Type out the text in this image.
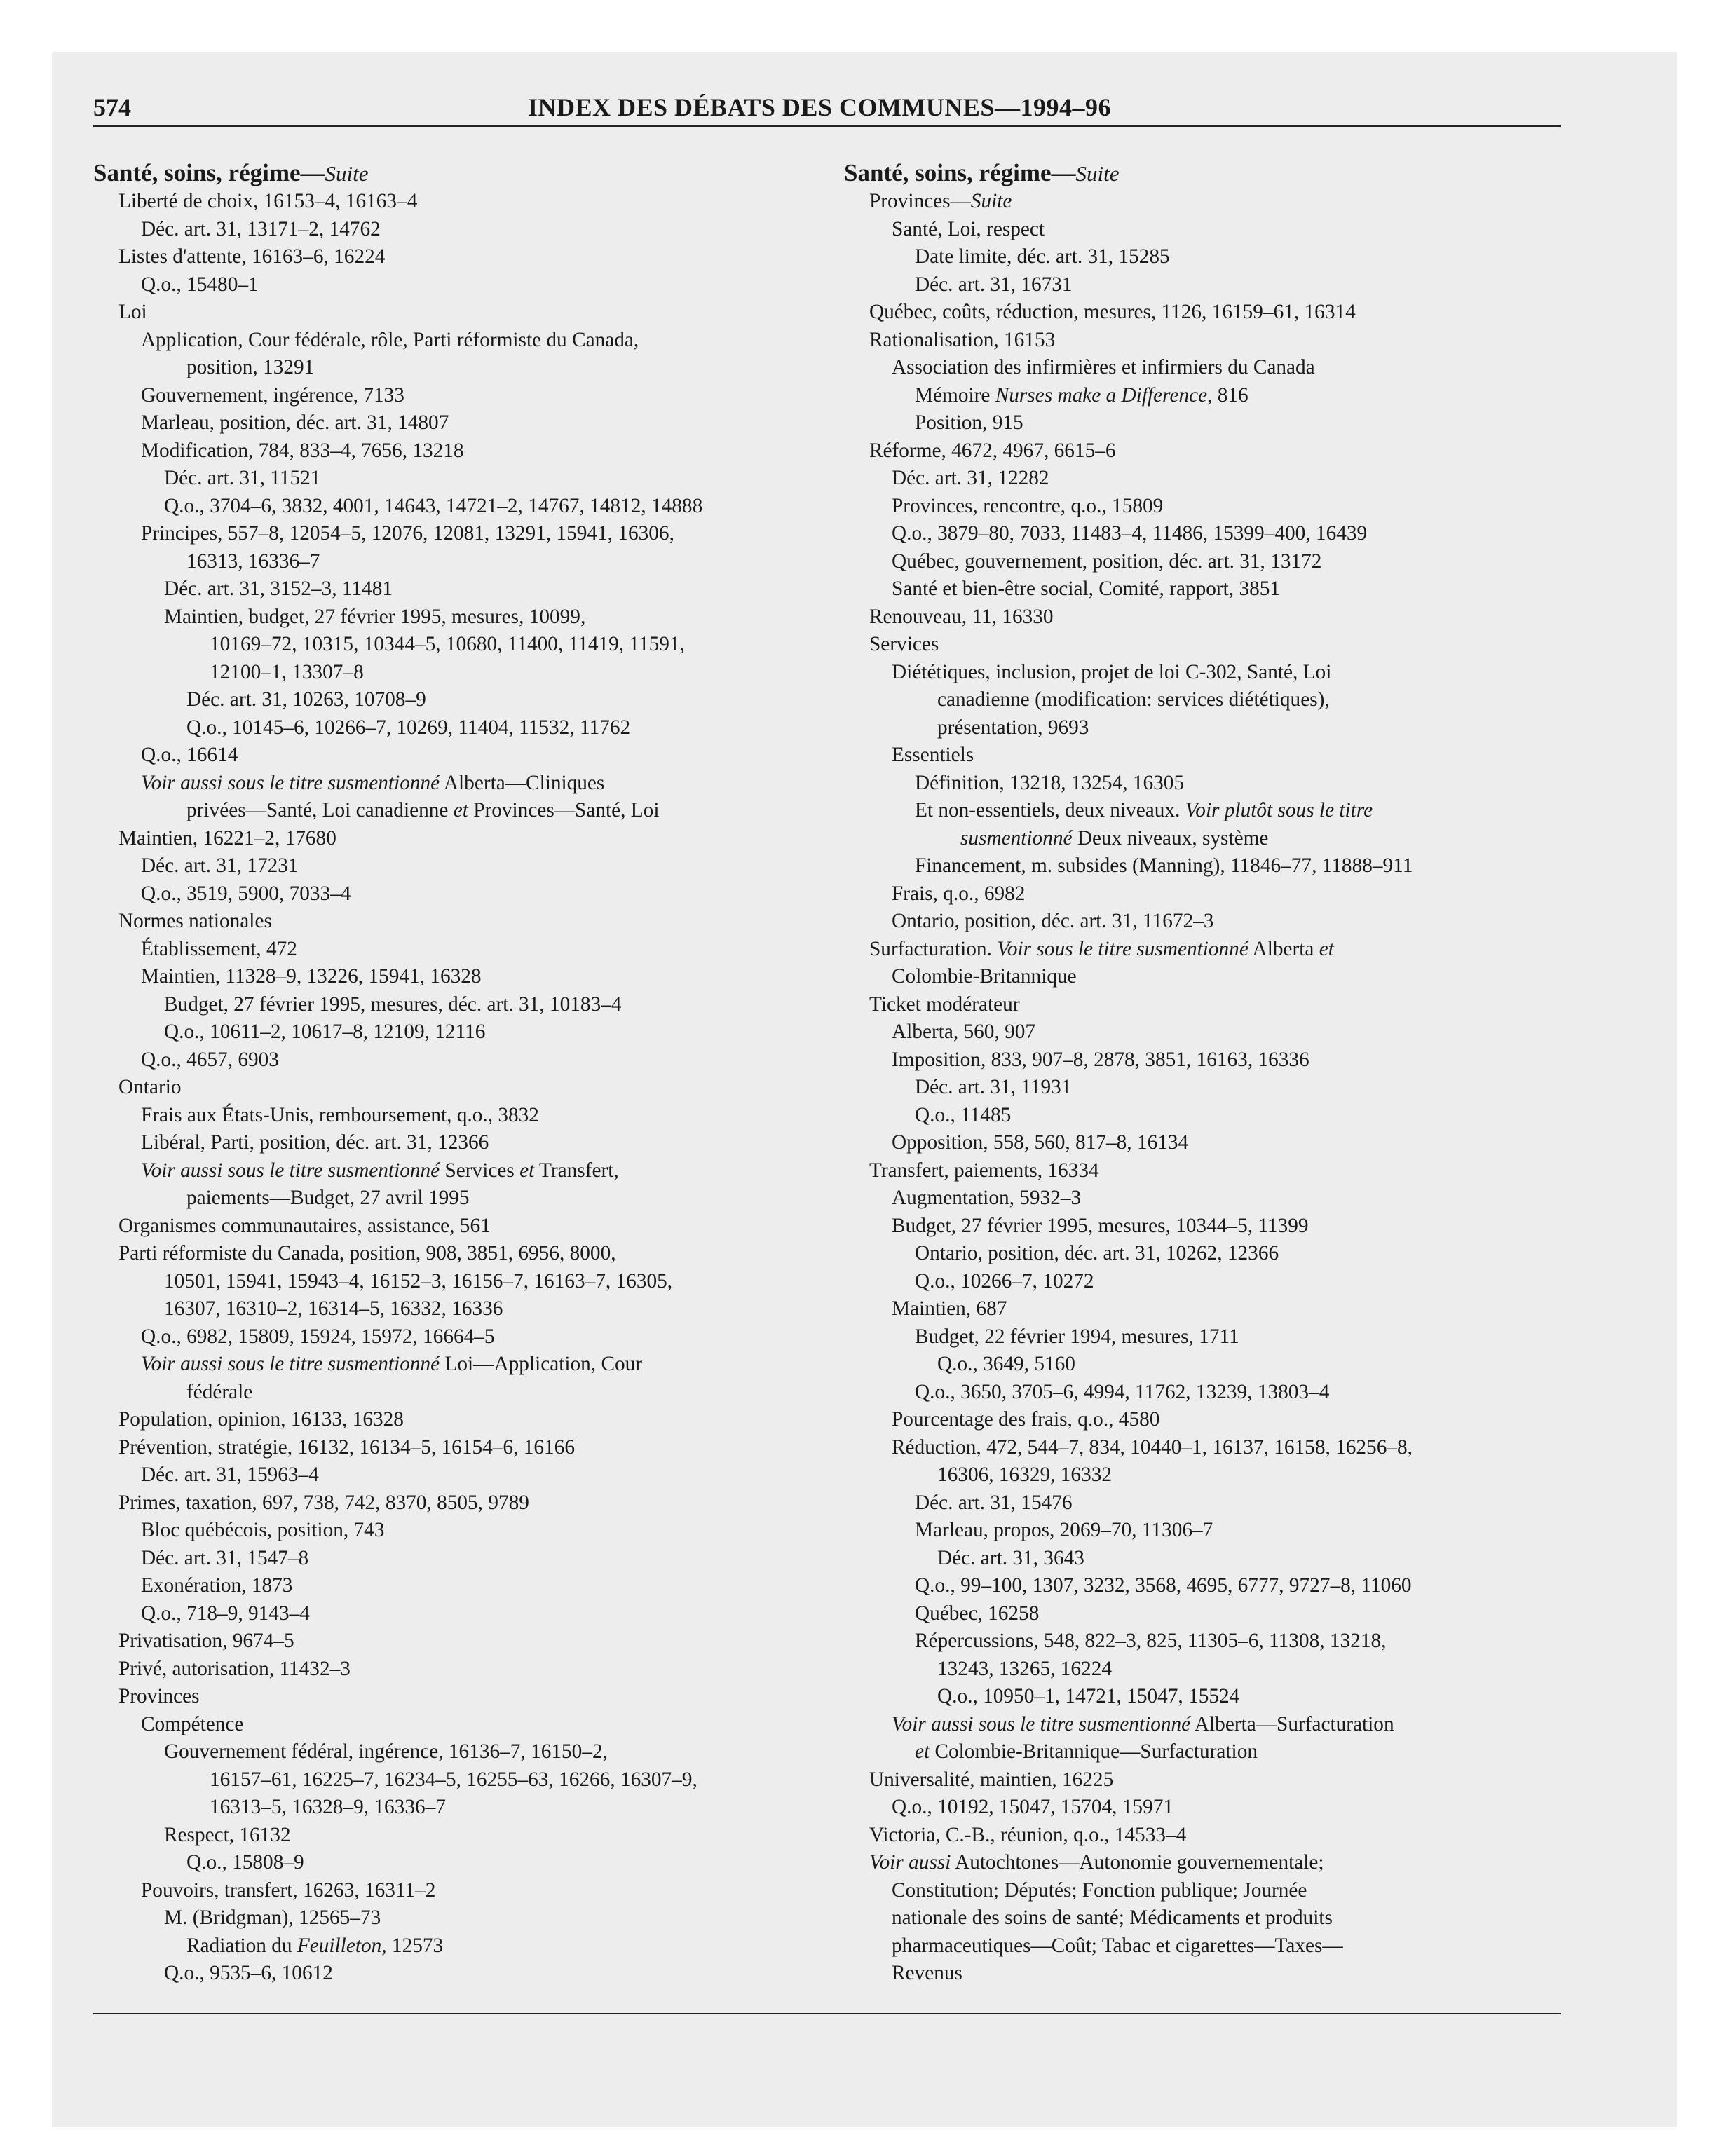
574	INDEX DES DÉBATS DES COMMUNES—1994–96
Santé, soins, régime—Suite
Liberté de choix, 16153–4, 16163–4
Déc. art. 31, 13171–2, 14762
Listes d'attente, 16163–6, 16224
Q.o., 15480–1
Loi
Application, Cour fédérale, rôle, Parti réformiste du Canada,
position, 13291
Gouvernement, ingérence, 7133
Marleau, position, déc. art. 31, 14807
Modification, 784, 833–4, 7656, 13218
Déc. art. 31, 11521
Q.o., 3704–6, 3832, 4001, 14643, 14721–2, 14767, 14812, 14888
Principes, 557–8, 12054–5, 12076, 12081, 13291, 15941, 16306,
16313, 16336–7
Déc. art. 31, 3152–3, 11481
Maintien, budget, 27 février 1995, mesures, 10099,
10169–72, 10315, 10344–5, 10680, 11400, 11419, 11591,
12100–1, 13307–8
Déc. art. 31, 10263, 10708–9
Q.o., 10145–6, 10266–7, 10269, 11404, 11532, 11762
Q.o., 16614
Voir aussi sous le titre susmentionné Alberta—Cliniques
privées—Santé, Loi canadienne et Provinces—Santé, Loi
Maintien, 16221–2, 17680
Déc. art. 31, 17231
Q.o., 3519, 5900, 7033–4
Normes nationales
Établissement, 472
Maintien, 11328–9, 13226, 15941, 16328
Budget, 27 février 1995, mesures, déc. art. 31, 10183–4
Q.o., 10611–2, 10617–8, 12109, 12116
Q.o., 4657, 6903
Ontario
Frais aux États-Unis, remboursement, q.o., 3832
Libéral, Parti, position, déc. art. 31, 12366
Voir aussi sous le titre susmentionné Services et Transfert,
paiements—Budget, 27 avril 1995
Organismes communautaires, assistance, 561
Parti réformiste du Canada, position, 908, 3851, 6956, 8000,
10501, 15941, 15943–4, 16152–3, 16156–7, 16163–7, 16305,
16307, 16310–2, 16314–5, 16332, 16336
Q.o., 6982, 15809, 15924, 15972, 16664–5
Voir aussi sous le titre susmentionné Loi—Application, Cour
fédérale
Population, opinion, 16133, 16328
Prévention, stratégie, 16132, 16134–5, 16154–6, 16166
Déc. art. 31, 15963–4
Primes, taxation, 697, 738, 742, 8370, 8505, 9789
Bloc québécois, position, 743
Déc. art. 31, 1547–8
Exonération, 1873
Q.o., 718–9, 9143–4
Privatisation, 9674–5
Privé, autorisation, 11432–3
Provinces
Compétence
Gouvernement fédéral, ingérence, 16136–7, 16150–2,
16157–61, 16225–7, 16234–5, 16255–63, 16266, 16307–9,
16313–5, 16328–9, 16336–7
Respect, 16132
Q.o., 15808–9
Pouvoirs, transfert, 16263, 16311–2
M. (Bridgman), 12565–73
Radiation du Feuilleton, 12573
Q.o., 9535–6, 10612
Santé, soins, régime—Suite
Provinces—Suite
Santé, Loi, respect
Date limite, déc. art. 31, 15285
Déc. art. 31, 16731
Québec, coûts, réduction, mesures, 1126, 16159–61, 16314
Rationalisation, 16153
Association des infirmières et infirmiers du Canada
Mémoire Nurses make a Difference, 816
Position, 915
Réforme, 4672, 4967, 6615–6
Déc. art. 31, 12282
Provinces, rencontre, q.o., 15809
Q.o., 3879–80, 7033, 11483–4, 11486, 15399–400, 16439
Québec, gouvernement, position, déc. art. 31, 13172
Santé et bien-être social, Comité, rapport, 3851
Renouveau, 11, 16330
Services
Diététiques, inclusion, projet de loi C-302, Santé, Loi
canadienne (modification: services diététiques),
présentation, 9693
Essentiels
Définition, 13218, 13254, 16305
Et non-essentiels, deux niveaux. Voir plutôt sous le titre
susmentionné Deux niveaux, système
Financement, m. subsides (Manning), 11846–77, 11888–911
Frais, q.o., 6982
Ontario, position, déc. art. 31, 11672–3
Surfacturation. Voir sous le titre susmentionné Alberta et
Colombie-Britannique
Ticket modérateur
Alberta, 560, 907
Imposition, 833, 907–8, 2878, 3851, 16163, 16336
Déc. art. 31, 11931
Q.o., 11485
Opposition, 558, 560, 817–8, 16134
Transfert, paiements, 16334
Augmentation, 5932–3
Budget, 27 février 1995, mesures, 10344–5, 11399
Ontario, position, déc. art. 31, 10262, 12366
Q.o., 10266–7, 10272
Maintien, 687
Budget, 22 février 1994, mesures, 1711
Q.o., 3649, 5160
Q.o., 3650, 3705–6, 4994, 11762, 13239, 13803–4
Pourcentage des frais, q.o., 4580
Réduction, 472, 544–7, 834, 10440–1, 16137, 16158, 16256–8,
16306, 16329, 16332
Déc. art. 31, 15476
Marleau, propos, 2069–70, 11306–7
Déc. art. 31, 3643
Q.o., 99–100, 1307, 3232, 3568, 4695, 6777, 9727–8, 11060
Québec, 16258
Répercussions, 548, 822–3, 825, 11305–6, 11308, 13218,
13243, 13265, 16224
Q.o., 10950–1, 14721, 15047, 15524
Voir aussi sous le titre susmentionné Alberta—Surfacturation
et Colombie-Britannique—Surfacturation
Universalité, maintien, 16225
Q.o., 10192, 15047, 15704, 15971
Victoria, C.-B., réunion, q.o., 14533–4
Voir aussi Autochtones—Autonomie gouvernementale;
Constitution; Députés; Fonction publique; Journée
nationale des soins de santé; Médicaments et produits
pharmaceutiques—Coût; Tabac et cigarettes—Taxes—
Revenus
